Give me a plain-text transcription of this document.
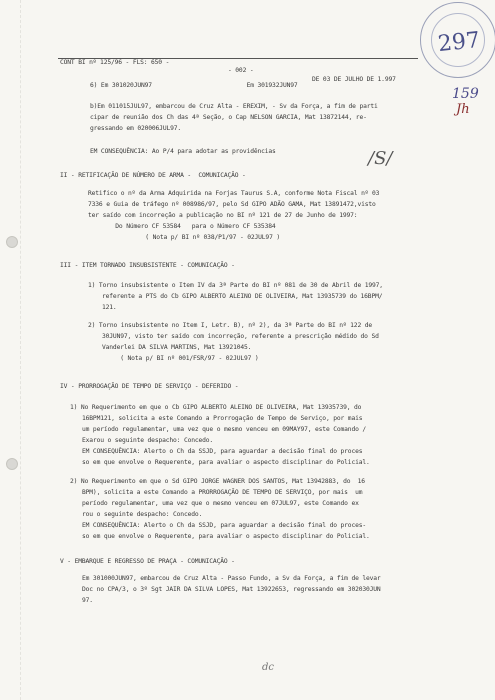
297
159
Jh
/S/

CONT BI nº 125/96 - FLS: 650 -

- 002 -

DE 03 DE JULHO DE 1.997

6) Em 301020JUN97                          Em 301932JUN97
b)Em 011015JUL97, embarcou de Cruz Alta - EREXIM, - Sv da Força, a fim de parti
cipar de reunião dos Ch das 4ª Seção, o Cap NELSON GARCIA, Mat 13872144, re-
gressando em 020006JUL97.
EM CONSEQUÊNCIA: Ao P/4 para adotar as providências
II - RETIFICAÇÃO DE NÚMERO DE ARMA -  COMUNICAÇÃO -
Retifico o nº da Arma Adquirida na Forjas Taurus S.A, conforme Nota Fiscal nº 03
7336 e Guia de tráfego nº 008986/97, pelo Sd GIPO ADÃO GAMA, Mat 13891472,visto
ter saído com incorreção a publicação no BI nº 121 de 27 de Junho de 1997:
Do Número CF 53584   para o Número CF 535384
( Nota p/ BI nº 038/P1/97 - 02JUL97 )
III - ITEM TORNADO INSUBSISTENTE - COMUNICAÇÃO -
1) Torno insubsistente o Item IV da 3ª Parte do BI nº 081 de 30 de Abril de 1997,
referente a PTS do Cb GIPO ALBERTO ALEINO DE OLIVEIRA, Mat 13935739 do 16BPM/
121.
2) Torno insubsistente no Item I, Letr. B), nº 2), da 3ª Parte do BI nº 122 de
30JUN97, visto ter saído com incorreção, referente a prescrição médido do Sd
Vanderlei DA SILVA MARTINS, Mat 13921045.
( Nota p/ BI nº 001/FSR/97 - 02JUL97 )
IV - PRORROGAÇÃO DE TEMPO DE SERVIÇO - DEFERIDO -
1) No Requerimento em que o Cb GIPO ALBERTO ALEINO DE OLIVEIRA, Mat 13935739, do
16BPM121, solicita a este Comando a Prorrogação de Tempo de Serviço, por mais
um período regulamentar, uma vez que o mesmo venceu em 09MAY97, este Comando /
Exarou o seguinte despacho: Concedo.
EM CONSEQUÊNCIA: Alerto o Ch da SSJD, para aguardar a decisão final do proces
so em que envolve o Requerente, para avaliar o aspecto disciplinar do Policial.
2) No Requerimento em que o Sd GIPO JORGE WAGNER DOS SANTOS, Mat 13942883, do  16
BPM), solicita a este Comando a PRORROGAÇÃO DE TEMPO DE SERVIÇO, por mais  um
período regulamentar, uma vez que o mesmo venceu em 07JUL97, este Comando ex
rou o seguinte despacho: Concedo.
EM CONSEQUÊNCIA: Alerto o Ch da SSJD, para aguardar a decisão final do proces-
so em que envolve o Requerente, para avaliar o aspecto disciplinar do Policial.
V - EMBARQUE E REGRESSO DE PRAÇA - COMUNICAÇÃO -
Em 301000JUN97, embarcou de Cruz Alta - Passo Fundo, a Sv da Força, a fim de levar
Doc no CPA/3, o 3º Sgt JAIR DA SILVA LOPES, Mat 13922653, regressando em 302030JUN
97.
dc
